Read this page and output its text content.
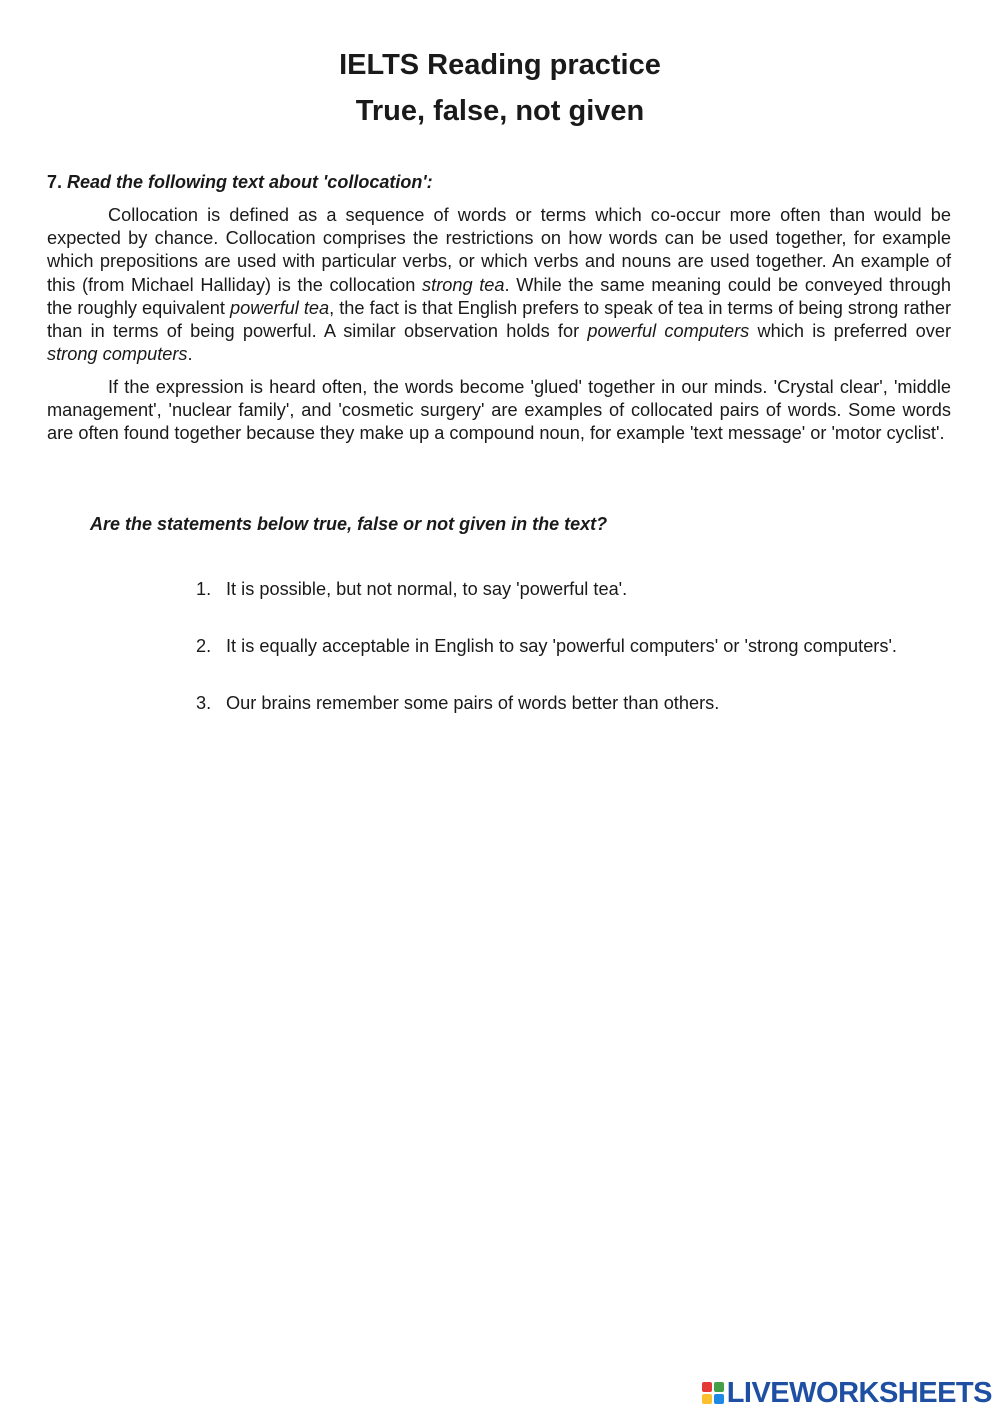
IELTS Reading practice
True, false, not given
7. Read the following text about 'collocation':

Collocation is defined as a sequence of words or terms which co-occur more often than would be expected by chance. Collocation comprises the restrictions on how words can be used together, for example which prepositions are used with particular verbs, or which verbs and nouns are used together. An example of this (from Michael Halliday) is the collocation strong tea. While the same meaning could be conveyed through the roughly equivalent powerful tea, the fact is that English prefers to speak of tea in terms of being strong rather than in terms of being powerful. A similar observation holds for powerful computers which is preferred over strong computers.

If the expression is heard often, the words become 'glued' together in our minds. 'Crystal clear', 'middle management', 'nuclear family', and 'cosmetic surgery' are examples of collocated pairs of words. Some words are often found together because they make up a compound noun, for example 'text message' or 'motor cyclist'.

Are the statements below true, false or not given in the text?
1. It is possible, but not normal, to say 'powerful tea'.
2. It is equally acceptable in English to say 'powerful computers' or 'strong computers'.
3. Our brains remember some pairs of words better than others.
LIVEWORKSHEETS
